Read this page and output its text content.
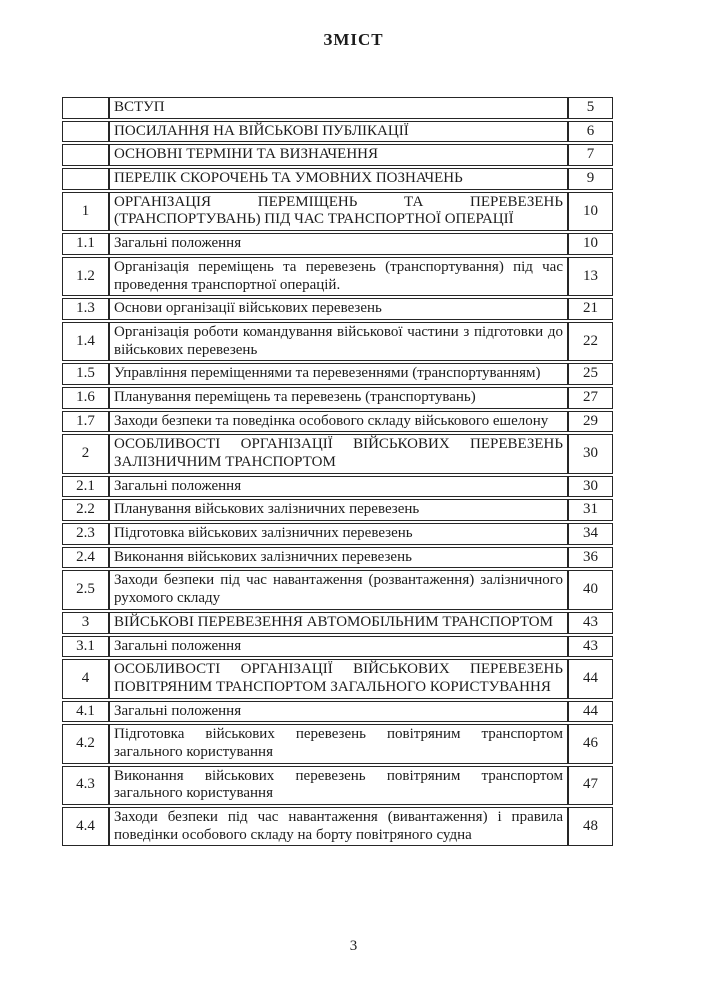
ЗМІСТ
	ВСТУП	5
	ПОСИЛАННЯ НА ВІЙСЬКОВІ ПУБЛІКАЦІЇ	6
	ОСНОВНІ ТЕРМІНИ ТА ВИЗНАЧЕННЯ	7
	ПЕРЕЛІК СКОРОЧЕНЬ ТА УМОВНИХ ПОЗНАЧЕНЬ	9
1	ОРГАНІЗАЦІЯ ПЕРЕМІЩЕНЬ ТА ПЕРЕВЕЗЕНЬ (ТРАНСПОРТУВАНЬ) ПІД ЧАС ТРАНСПОРТНОЇ ОПЕРАЦІЇ	10
1.1	Загальні положення	10
1.2	Організація переміщень та перевезень (транспортування) під час проведення транспортної операцій.	13
1.3	Основи організації військових перевезень	21
1.4	Організація роботи командування військової частини з підготовки до військових перевезень	22
1.5	Управління переміщеннями та перевезеннями (транспортуванням)	25
1.6	Планування переміщень та перевезень (транспортувань)	27
1.7	Заходи безпеки та поведінка особового складу військового ешелону	29
2	ОСОБЛИВОСТІ ОРГАНІЗАЦІЇ ВІЙСЬКОВИХ ПЕРЕВЕЗЕНЬ ЗАЛІЗНИЧНИМ ТРАНСПОРТОМ	30
2.1	Загальні положення	30
2.2	Планування військових залізничних перевезень	31
2.3	Підготовка військових залізничних перевезень	34
2.4	Виконання військових залізничних перевезень	36
2.5	Заходи безпеки під час навантаження (розвантаження) залізничного рухомого складу	40
3	ВІЙСЬКОВІ ПЕРЕВЕЗЕННЯ АВТОМОБІЛЬНИМ ТРАНСПОРТОМ	43
3.1	Загальні положення	43
4	ОСОБЛИВОСТІ ОРГАНІЗАЦІЇ ВІЙСЬКОВИХ ПЕРЕВЕЗЕНЬ ПОВІТРЯНИМ ТРАНСПОРТОМ ЗАГАЛЬНОГО КОРИСТУВАННЯ	44
4.1	Загальні положення	44
4.2	Підготовка військових перевезень повітряним транспортом загального користування	46
4.3	Виконання військових перевезень повітряним транспортом загального користування	47
4.4	Заходи безпеки під час навантаження (вивантаження) і правила поведінки особового складу на борту повітряного судна	48
3
